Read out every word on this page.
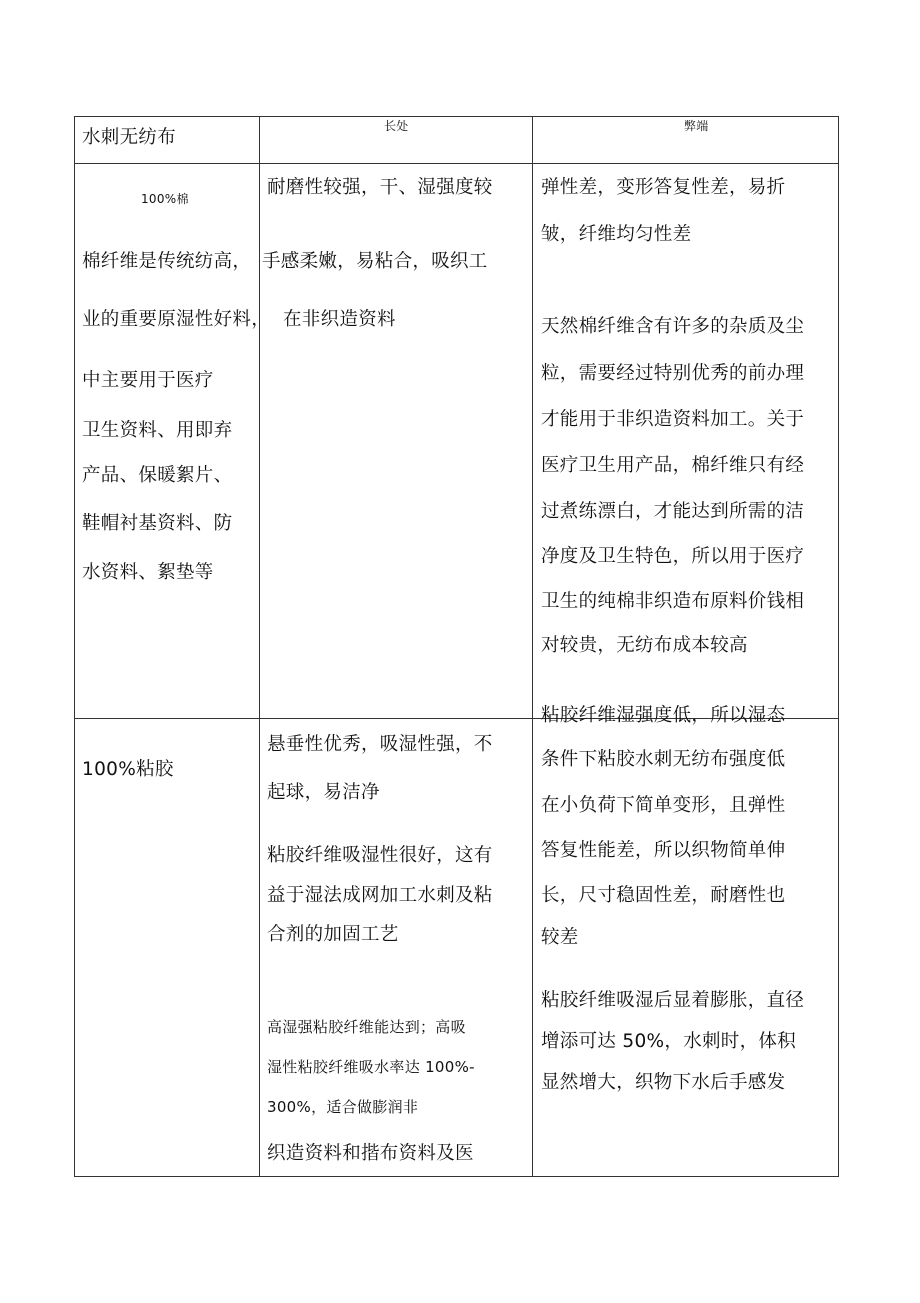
水刺无纺布
长处	弊端
100%棉
100%粘胶
棉纤维是传统纺高，
业的重要原湿性好料，
中主要用于医疗
卫生资料、用即弃
产品、保暖絮片、
鞋帽衬基资料、防
水资料、絮垫等
耐磨性较强，干、湿强度较
手感柔嫩，易粘合，吸织工
在非织造资料
弹性差，变形答复性差，易折
皱，纤维均匀性差
天然棉纤维含有许多的杂质及尘
粒，需要经过特别优秀的前办理
才能用于非织造资料加工。关于
医疗卫生用产品，棉纤维只有经
过煮练漂白，才能达到所需的洁
净度及卫生特色，所以用于医疗
卫生的纯棉非织造布原料价钱相
对较贵，无纺布成本较高
悬垂性优秀，吸湿性强，不
起球，易洁净
粘胶纤维吸湿性很好，这有
益于湿法成网加工水刺及粘
合剂的加固工艺
高湿强粘胶纤维能达到；高吸
湿性粘胶纤维吸水率达 100%-
300%，适合做膨润非
织造资料和揩布资料及医
粘胶纤维湿强度低，所以湿态
条件下粘胶水刺无纺布强度低
在小负荷下简单变形，且弹性
答复性能差，所以织物简单伸
长，尺寸稳固性差，耐磨性也
较差
粘胶纤维吸湿后显着膨胀，直径
增添可达 50%，水刺时，体积
显然增大，织物下水后手感发
